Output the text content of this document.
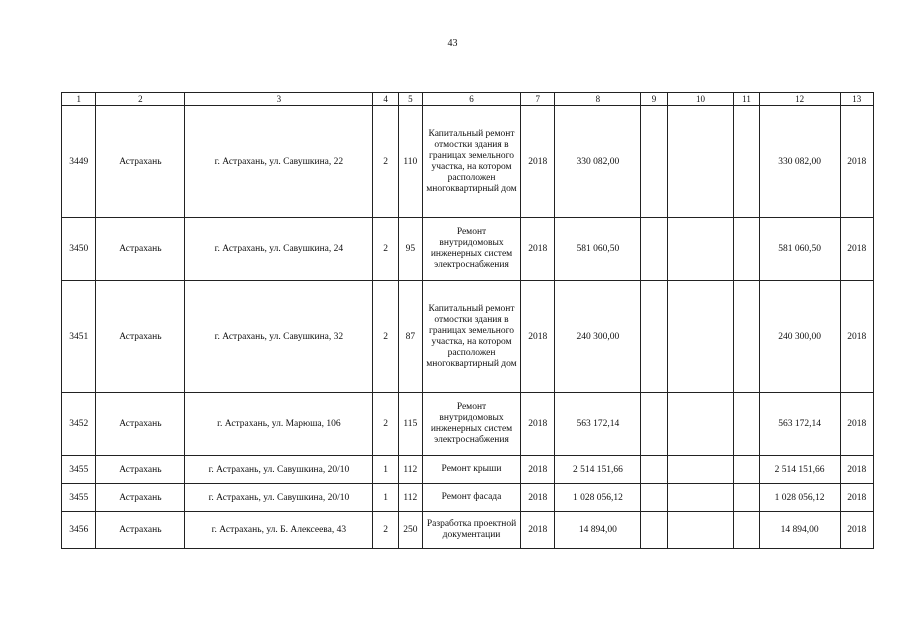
43
1	2	3	4	5	6	7	8	9	10	11	12	13
3449	Астрахань	г. Астрахань, ул. Савушкина, 22	2	110	Капитальный ремонт отмостки здания в границах земельного участка, на котором расположен многоквартирный дом	2018	330 082,00				330 082,00	2018
3450	Астрахань	г. Астрахань, ул. Савушкина, 24	2	95	Ремонт внутридомовых инженерных систем электроснабжения	2018	581 060,50				581 060,50	2018
3451	Астрахань	г. Астрахань, ул. Савушкина, 32	2	87	Капитальный ремонт отмостки здания в границах земельного участка, на котором расположен многоквартирный дом	2018	240 300,00				240 300,00	2018
3452	Астрахань	г. Астрахань, ул. Марюша, 106	2	115	Ремонт внутридомовых инженерных систем электроснабжения	2018	563 172,14				563 172,14	2018
3455	Астрахань	г. Астрахань, ул. Савушкина, 20/10	1	112	Ремонт крыши	2018	2 514 151,66				2 514 151,66	2018
3455	Астрахань	г. Астрахань, ул. Савушкина, 20/10	1	112	Ремонт фасада	2018	1 028 056,12				1 028 056,12	2018
3456	Астрахань	г. Астрахань, ул. Б. Алексеева, 43	2	250	Разработка проектной документации	2018	14 894,00				14 894,00	2018
